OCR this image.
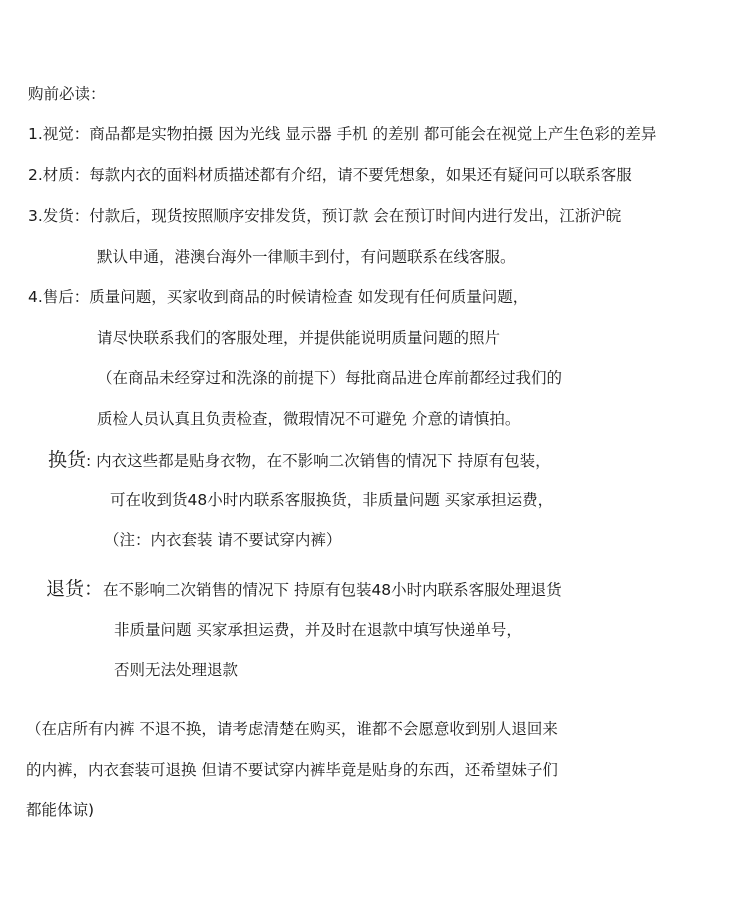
购前必读：
1.视觉：商品都是实物拍摄 因为光线 显示器 手机 的差别 都可能会在视觉上产生色彩的差异
2.材质：每款内衣的面料材质描述都有介绍，请不要凭想象，如果还有疑问可以联系客服
3.发货：付款后，现货按照顺序安排发货，预订款 会在预订时间内进行发出，江浙沪皖
默认申通，港澳台海外一律顺丰到付，有问题联系在线客服。
4.售后：质量问题，买家收到商品的时候请检查 如发现有任何质量问题，
请尽快联系我们的客服处理，并提供能说明质量问题的照片
（在商品未经穿过和洗涤的前提下）每批商品进仓库前都经过我们的
质检人员认真且负责检查，微瑕情况不可避免 介意的请慎拍。
换货: 内衣这些都是贴身衣物，在不影响二次销售的情况下 持原有包装，
可在收到货48小时内联系客服换货，非质量问题 买家承担运费，
（注：内衣套装 请不要试穿内裤）
退货：在不影响二次销售的情况下 持原有包装48小时内联系客服处理退货
非质量问题 买家承担运费，并及时在退款中填写快递单号，
否则无法处理退款
（在店所有内裤 不退不换，请考虑清楚在购买，谁都不会愿意收到别人退回来
的内裤，内衣套装可退换 但请不要试穿内裤毕竟是贴身的东西，还希望妹子们
都能体谅)
